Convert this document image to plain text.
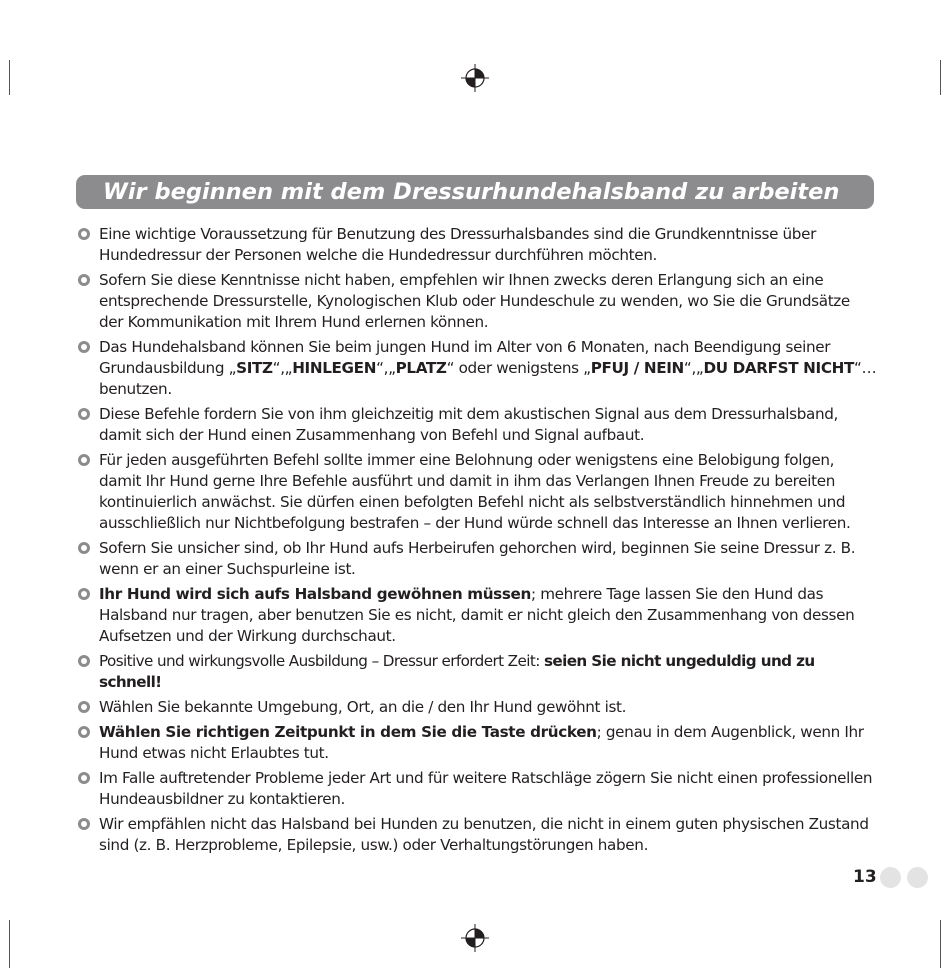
Wir beginnen mit dem Dressurhundehalsband zu arbeiten

Eine wichtige Voraussetzung für Benutzung des Dressurhalsbandes sind die Grundkenntnisse über Hundedressur der Personen welche die Hundedressur durchführen möchten.

Sofern Sie diese Kenntnisse nicht haben, empfehlen wir Ihnen zwecks deren Erlangung sich an eine entsprechende Dressurstelle, Kynologischen Klub oder Hundeschule zu wenden, wo Sie die Grundsätze der Kommunikation mit Ihrem Hund erlernen können.

Das Hundehalsband können Sie beim jungen Hund im Alter von 6 Monaten, nach Beendigung seiner Grundausbildung „SITZ“,„HINLEGEN“,„PLATZ“ oder wenigstens „PFUJ / NEIN“,„DU DARFST NICHT“… benutzen.

Diese Befehle fordern Sie von ihm gleichzeitig mit dem akustischen Signal aus dem Dressurhalsband, damit sich der Hund einen Zusammenhang von Befehl und Signal aufbaut.

Für jeden ausgeführten Befehl sollte immer eine Belohnung oder wenigstens eine Belobigung folgen, damit Ihr Hund gerne Ihre Befehle ausführt und damit in ihm das Verlangen Ihnen Freude zu bereiten kontinuierlich anwächst. Sie dürfen einen befolgten Befehl nicht als selbstverständlich hinnehmen und ausschließlich nur Nichtbefolgung bestrafen – der Hund würde schnell das Interesse an Ihnen verlieren.

Sofern Sie unsicher sind, ob Ihr Hund aufs Herbeirufen gehorchen wird, beginnen Sie seine Dressur z. B. wenn er an einer Suchspurleine ist.

Ihr Hund wird sich aufs Halsband gewöhnen müssen; mehrere Tage lassen Sie den Hund das Halsband nur tragen, aber benutzen Sie es nicht, damit er nicht gleich den Zusammenhang von dessen Aufsetzen und der Wirkung durchschaut.

Positive und wirkungsvolle Ausbildung – Dressur erfordert Zeit: seien Sie nicht ungeduldig und zu schnell!

Wählen Sie bekannte Umgebung, Ort, an die / den Ihr Hund gewöhnt ist.

Wählen Sie richtigen Zeitpunkt in dem Sie die Taste drücken; genau in dem Augenblick, wenn Ihr Hund etwas nicht Erlaubtes tut.

Im Falle auftretender Probleme jeder Art und für weitere Ratschläge zögern Sie nicht einen professionellen Hundeausbildner zu kontaktieren.

Wir empfählen nicht das Halsband bei Hunden zu benutzen, die nicht in einem guten physischen Zustand sind (z. B. Herzprobleme, Epilepsie, usw.) oder Verhaltungstörungen haben.

13
